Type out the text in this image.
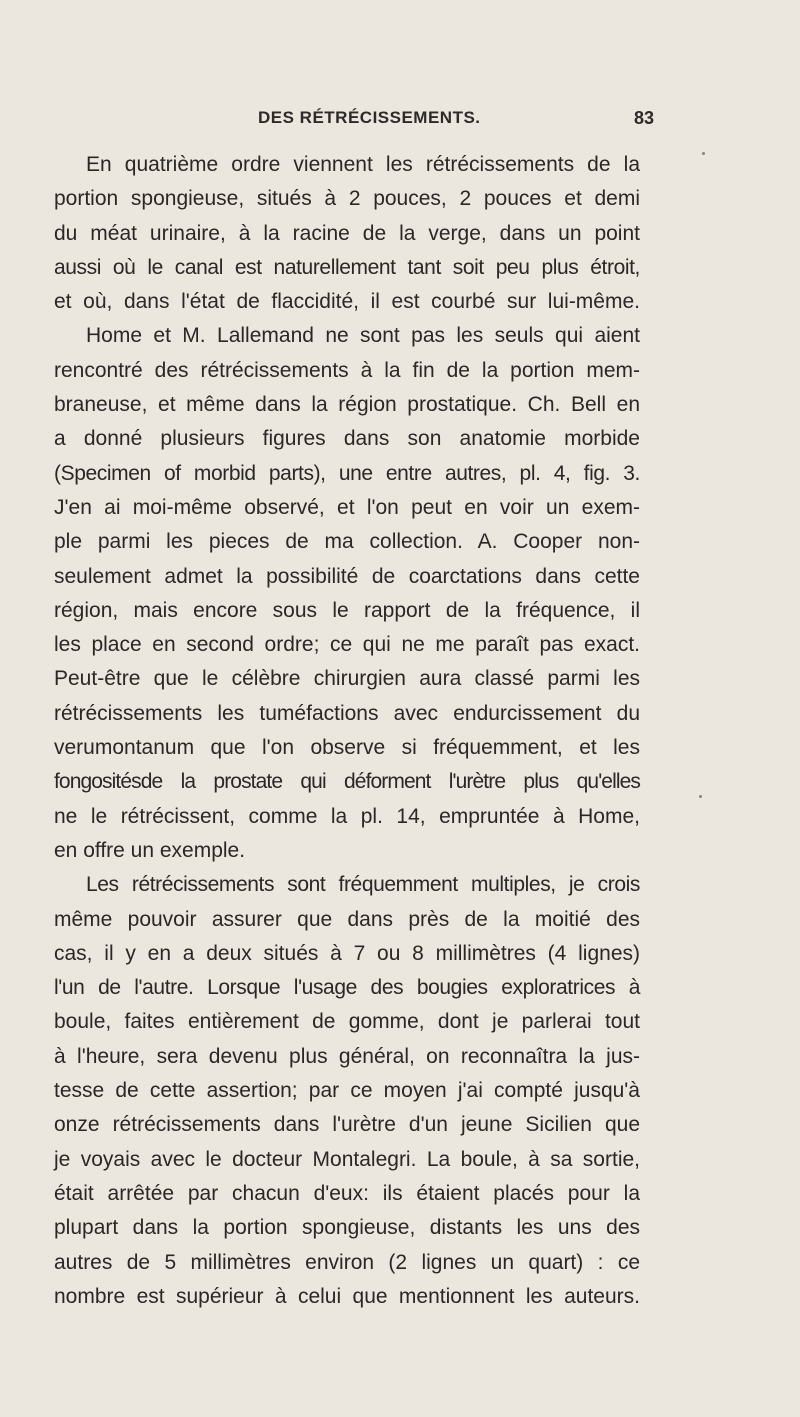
DES RÉTRÉCISSEMENTS.	83
En quatrième ordre viennent les rétrécissements de la
portion spongieuse, situés à 2 pouces, 2 pouces et demi
du méat urinaire, à la racine de la verge, dans un point
aussi où le canal est naturellement tant soit peu plus étroit,
et où, dans l'état de flaccidité, il est courbé sur lui-même.
Home et M. Lallemand ne sont pas les seuls qui aient
rencontré des rétrécissements à la fin de la portion mem-
braneuse, et même dans la région prostatique. Ch. Bell en
a donné plusieurs figures dans son anatomie morbide
(Specimen of morbid parts), une entre autres, pl. 4, fig. 3.
J'en ai moi-même observé, et l'on peut en voir un exem-
ple parmi les pieces de ma collection. A. Cooper non-
seulement admet la possibilité de coarctations dans cette
région, mais encore sous le rapport de la fréquence, il
les place en second ordre; ce qui ne me paraît pas exact.
Peut-être que le célèbre chirurgien aura classé parmi les
rétrécissements les tuméfactions avec endurcissement du
verumontanum que l'on observe si fréquemment, et les
fongositésde la prostate qui déforment l'urètre plus qu'elles
ne le rétrécissent, comme la pl. 14, empruntée à Home,
en offre un exemple.
Les rétrécissements sont fréquemment multiples, je crois
même pouvoir assurer que dans près de la moitié des
cas, il y en a deux situés à 7 ou 8 millimètres (4 lignes)
l'un de l'autre. Lorsque l'usage des bougies exploratrices à
boule, faites entièrement de gomme, dont je parlerai tout
à l'heure, sera devenu plus général, on reconnaîtra la jus-
tesse de cette assertion; par ce moyen j'ai compté jusqu'à
onze rétrécissements dans l'urètre d'un jeune Sicilien que
je voyais avec le docteur Montalegri. La boule, à sa sortie,
était arrêtée par chacun d'eux: ils étaient placés pour la
plupart dans la portion spongieuse, distants les uns des
autres de 5 millimètres environ (2 lignes un quart) : ce
nombre est supérieur à celui que mentionnent les auteurs.
